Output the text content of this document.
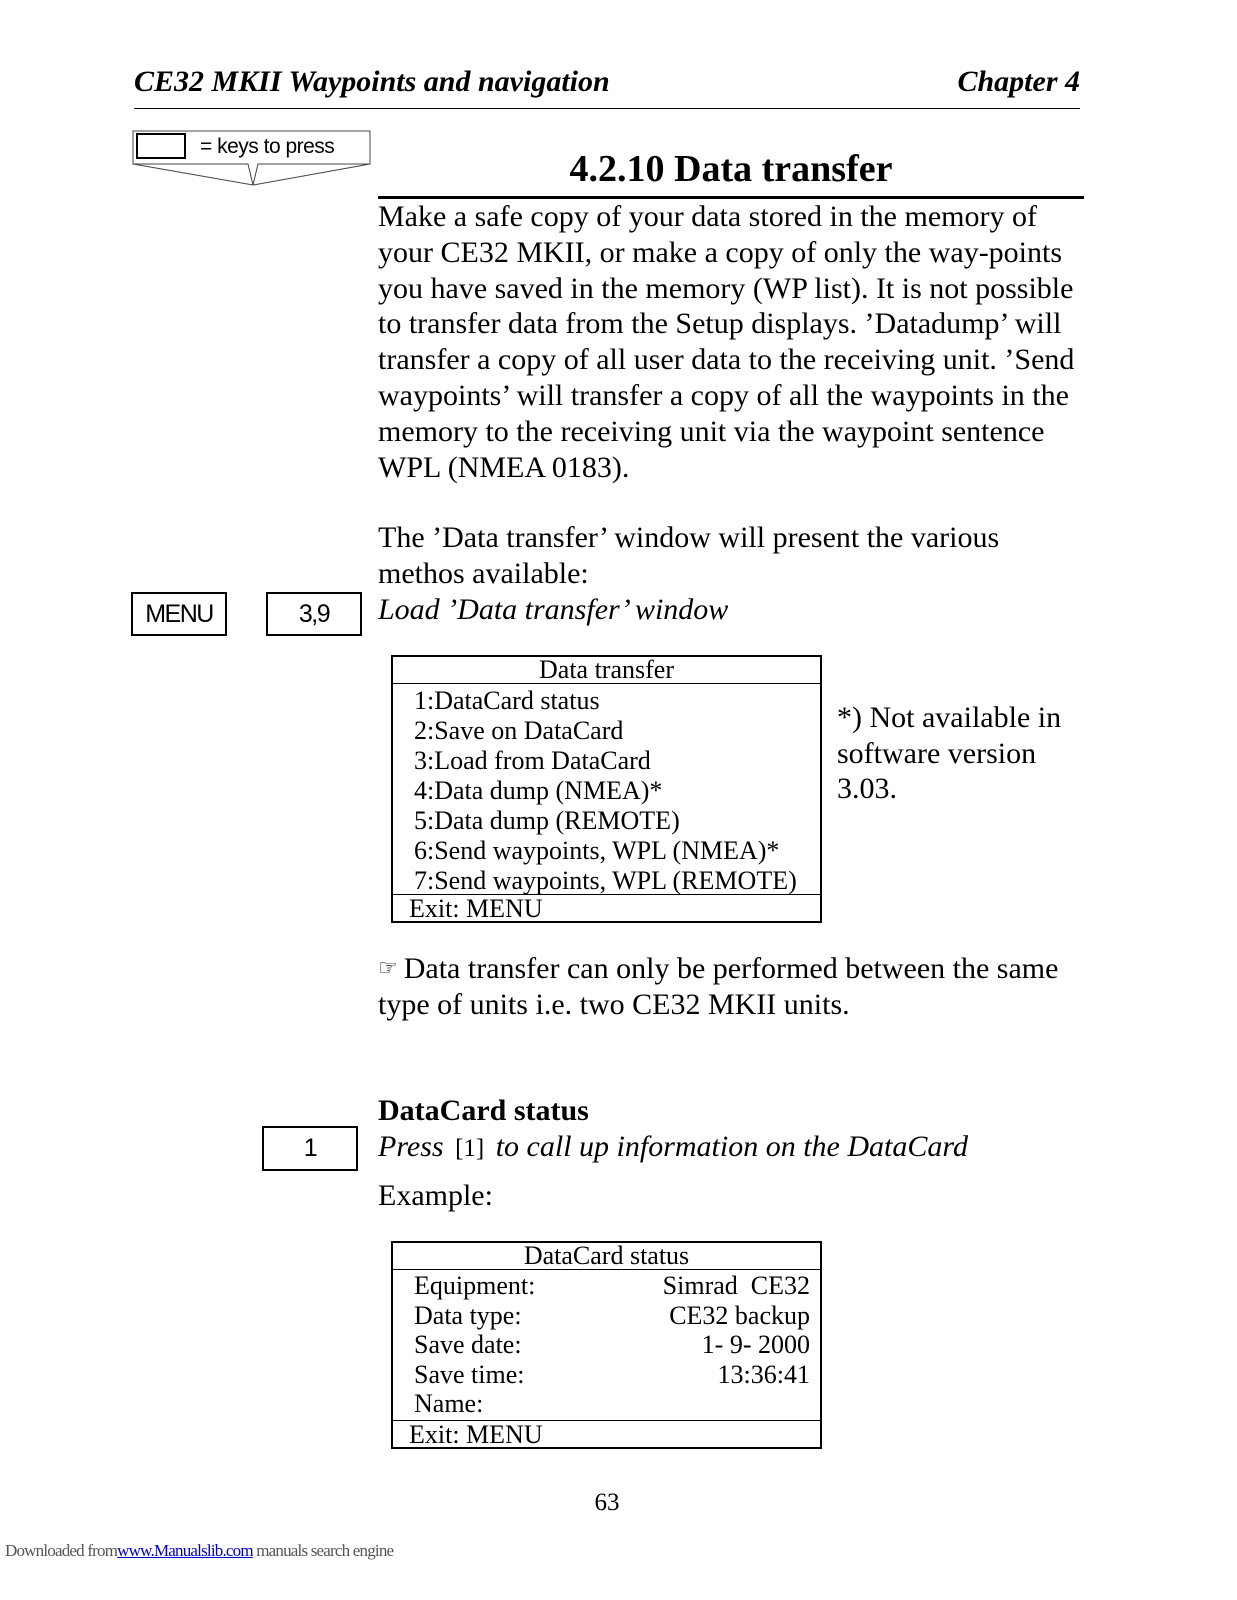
CE32 MKII Waypoints and navigation	Chapter 4
= keys to press
4.2.10 Data transfer
Make a safe copy of your data stored in the memory of your CE32 MKII, or make a copy of only the way-points you have saved in the memory (WP list). It is not possible to transfer data from the Setup displays. ’Datadump’ will transfer a copy of all user data to the receiving unit. ’Send waypoints’ will transfer a copy of all the waypoints in the memory to the receiving unit via the waypoint sentence WPL (NMEA 0183).
The ’Data transfer’ window will present the various methos available:
MENU	3,9	Load ’Data transfer’ window
Data transfer
1:DataCard status
2:Save on DataCard
3:Load from DataCard
4:Data dump (NMEA)*
5:Data dump (REMOTE)
6:Send waypoints, WPL (NMEA)*
7:Send waypoints, WPL (REMOTE)
Exit: MENU
*) Not available in software version 3.03.
☞ Data transfer can only be performed between the same type of units i.e. two CE32 MKII units.
DataCard status
1	Press [1] to call up information on the DataCard
Example:
DataCard status
Equipment:	Simrad  CE32
Data type:	CE32 backup
Save date:	1- 9- 2000
Save time:	13:36:41
Name:
Exit: MENU
63
Downloaded fromwww.Manualslib.com manuals search engine
